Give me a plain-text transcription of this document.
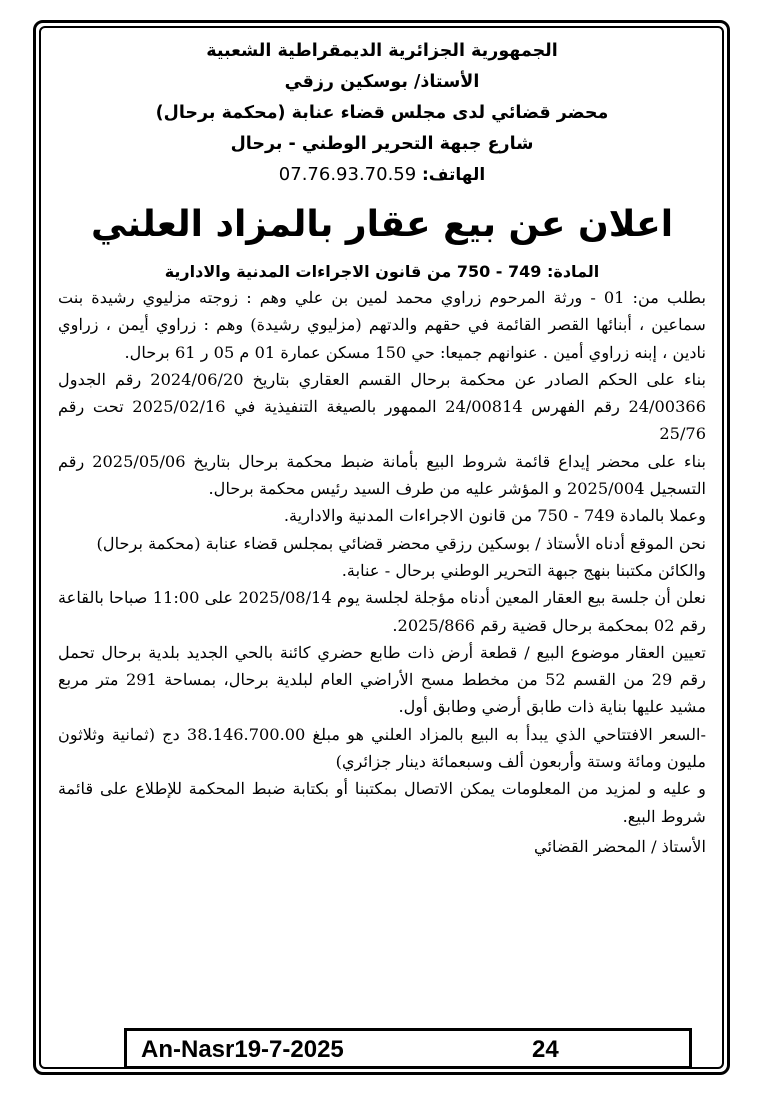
الجمهورية الجزائرية الديمقراطية الشعبية
الأستاذ/ بوسكين رزقي
محضر قضائي لدى مجلس قضاء عنابة (محكمة برحال)
شارع جبهة التحرير الوطني - برحال
الهاتف: 07.76.93.70.59
اعلان عن بيع عقار بالمزاد العلني
المادة: 749 - 750 من قانون الاجراءات المدنية والادارية

بطلب من: 01 - ورثة المرحوم زراوي محمد لمين بن علي وهم : زوجته مزليوي رشيدة بنت سماعين ، أبنائها القصر القائمة في حقهم والدتهم (مزليوي رشيدة) وهم : زراوي أيمن ، زراوي نادين ، إبنه زراوي أمين . عنوانهم جميعا: حي 150 مسكن عمارة 01 م 05 ر 61 برحال.

بناء على الحكم الصادر عن محكمة برحال القسم العقاري بتاريخ 2024/06/20 رقم الجدول 24/00366 رقم الفهرس 24/00814 الممهور بالصيغة التنفيذية في 2025/02/16 تحت رقم 25/76

بناء على محضر إيداع قائمة شروط البيع بأمانة ضبط محكمة برحال بتاريخ 2025/05/06 رقم التسجيل 2025/004 و المؤشر عليه من طرف السيد رئيس محكمة برحال.

وعملا بالمادة 749 - 750 من قانون الاجراءات المدنية والادارية.

نحن الموقع أدناه الأستاذ / بوسكين رزقي محضر قضائي بمجلس قضاء عنابة (محكمة برحال)

والكائن مكتبنا بنهج جبهة التحرير الوطني برحال - عنابة.

نعلن أن جلسة بيع العقار المعين أدناه مؤجلة لجلسة يوم 2025/08/14 على 11:00 صباحا بالقاعة رقم 02 بمحكمة برحال قضية رقم 2025/866.

تعيين العقار موضوع البيع / قطعة أرض ذات طابع حضري كائنة بالحي الجديد بلدية برحال تحمل رقم 29 من القسم 52 من مخطط مسح الأراضي العام لبلدية برحال، بمساحة 291 متر مربع مشيد عليها بناية ذات طابق أرضي وطابق أول.

-السعر الافتتاحي الذي يبدأ به البيع بالمزاد العلني هو مبلغ 38.146.700.00 دج (ثمانية وثلاثون مليون ومائة وستة وأربعون ألف وسبعمائة دينار جزائري)

و عليه و لمزيد من المعلومات يمكن الاتصال بمكتبنا أو بكتابة ضبط المحكمة للإطلاع على قائمة شروط البيع.

الأستاذ / المحضر القضائي
An-Nasr19-7-2025	24
